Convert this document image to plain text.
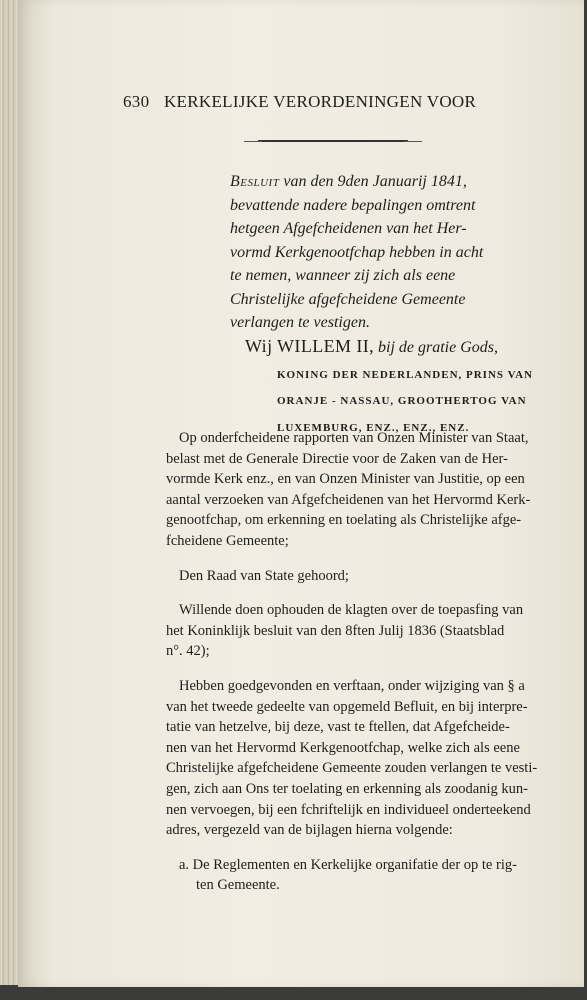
630 KERKELIJKE VERORDENINGEN VOOR
Besluit van den 9den Januarij 1841,
bevattende nadere bepalingen omtrent
hetgeen Afgefcheidenen van het Her-
vormd Kerkgenootfchap hebben in acht
te nemen, wanneer zij zich als eene
Christelijke afgefcheidene Gemeente
verlangen te vestigen.
Wij WILLEM II, bij de gratie Gods,
KONING DER NEDERLANDEN, PRINS VAN
ORANJE - NASSAU, GROOTHERTOG VAN
LUXEMBURG, ENZ., ENZ., ENZ.
Op onderfcheidene rapporten van Onzen Minister van Staat,
belast met de Generale Directie voor de Zaken van de Her-
vormde Kerk enz., en van Onzen Minister van Justitie, op een
aantal verzoeken van Afgefcheidenen van het Hervormd Kerk-
genootfchap, om erkenning en toelating als Christelijke afge-
fcheidene Gemeente;
Den Raad van State gehoord;
Willende doen ophouden de klagten over de toepasfing van
het Koninklijk besluit van den 8ften Julij 1836 (Staatsblad
n°. 42);
Hebben goedgevonden en verftaan, onder wijziging van § a
van het tweede gedeelte van opgemeld Befluit, en bij interpre-
tatie van hetzelve, bij deze, vast te ftellen, dat Afgefcheide-
nen van het Hervormd Kerkgenootfchap, welke zich als eene
Christelijke afgefcheidene Gemeente zouden verlangen te vesti-
gen, zich aan Ons ter toelating en erkenning als zoodanig kun-
nen vervoegen, bij een fchriftelijk en individueel onderteekend
adres, vergezeld van de bijlagen hierna volgende:
a. De Reglementen en Kerkelijke organifatie der op te rig-
ten Gemeente.
